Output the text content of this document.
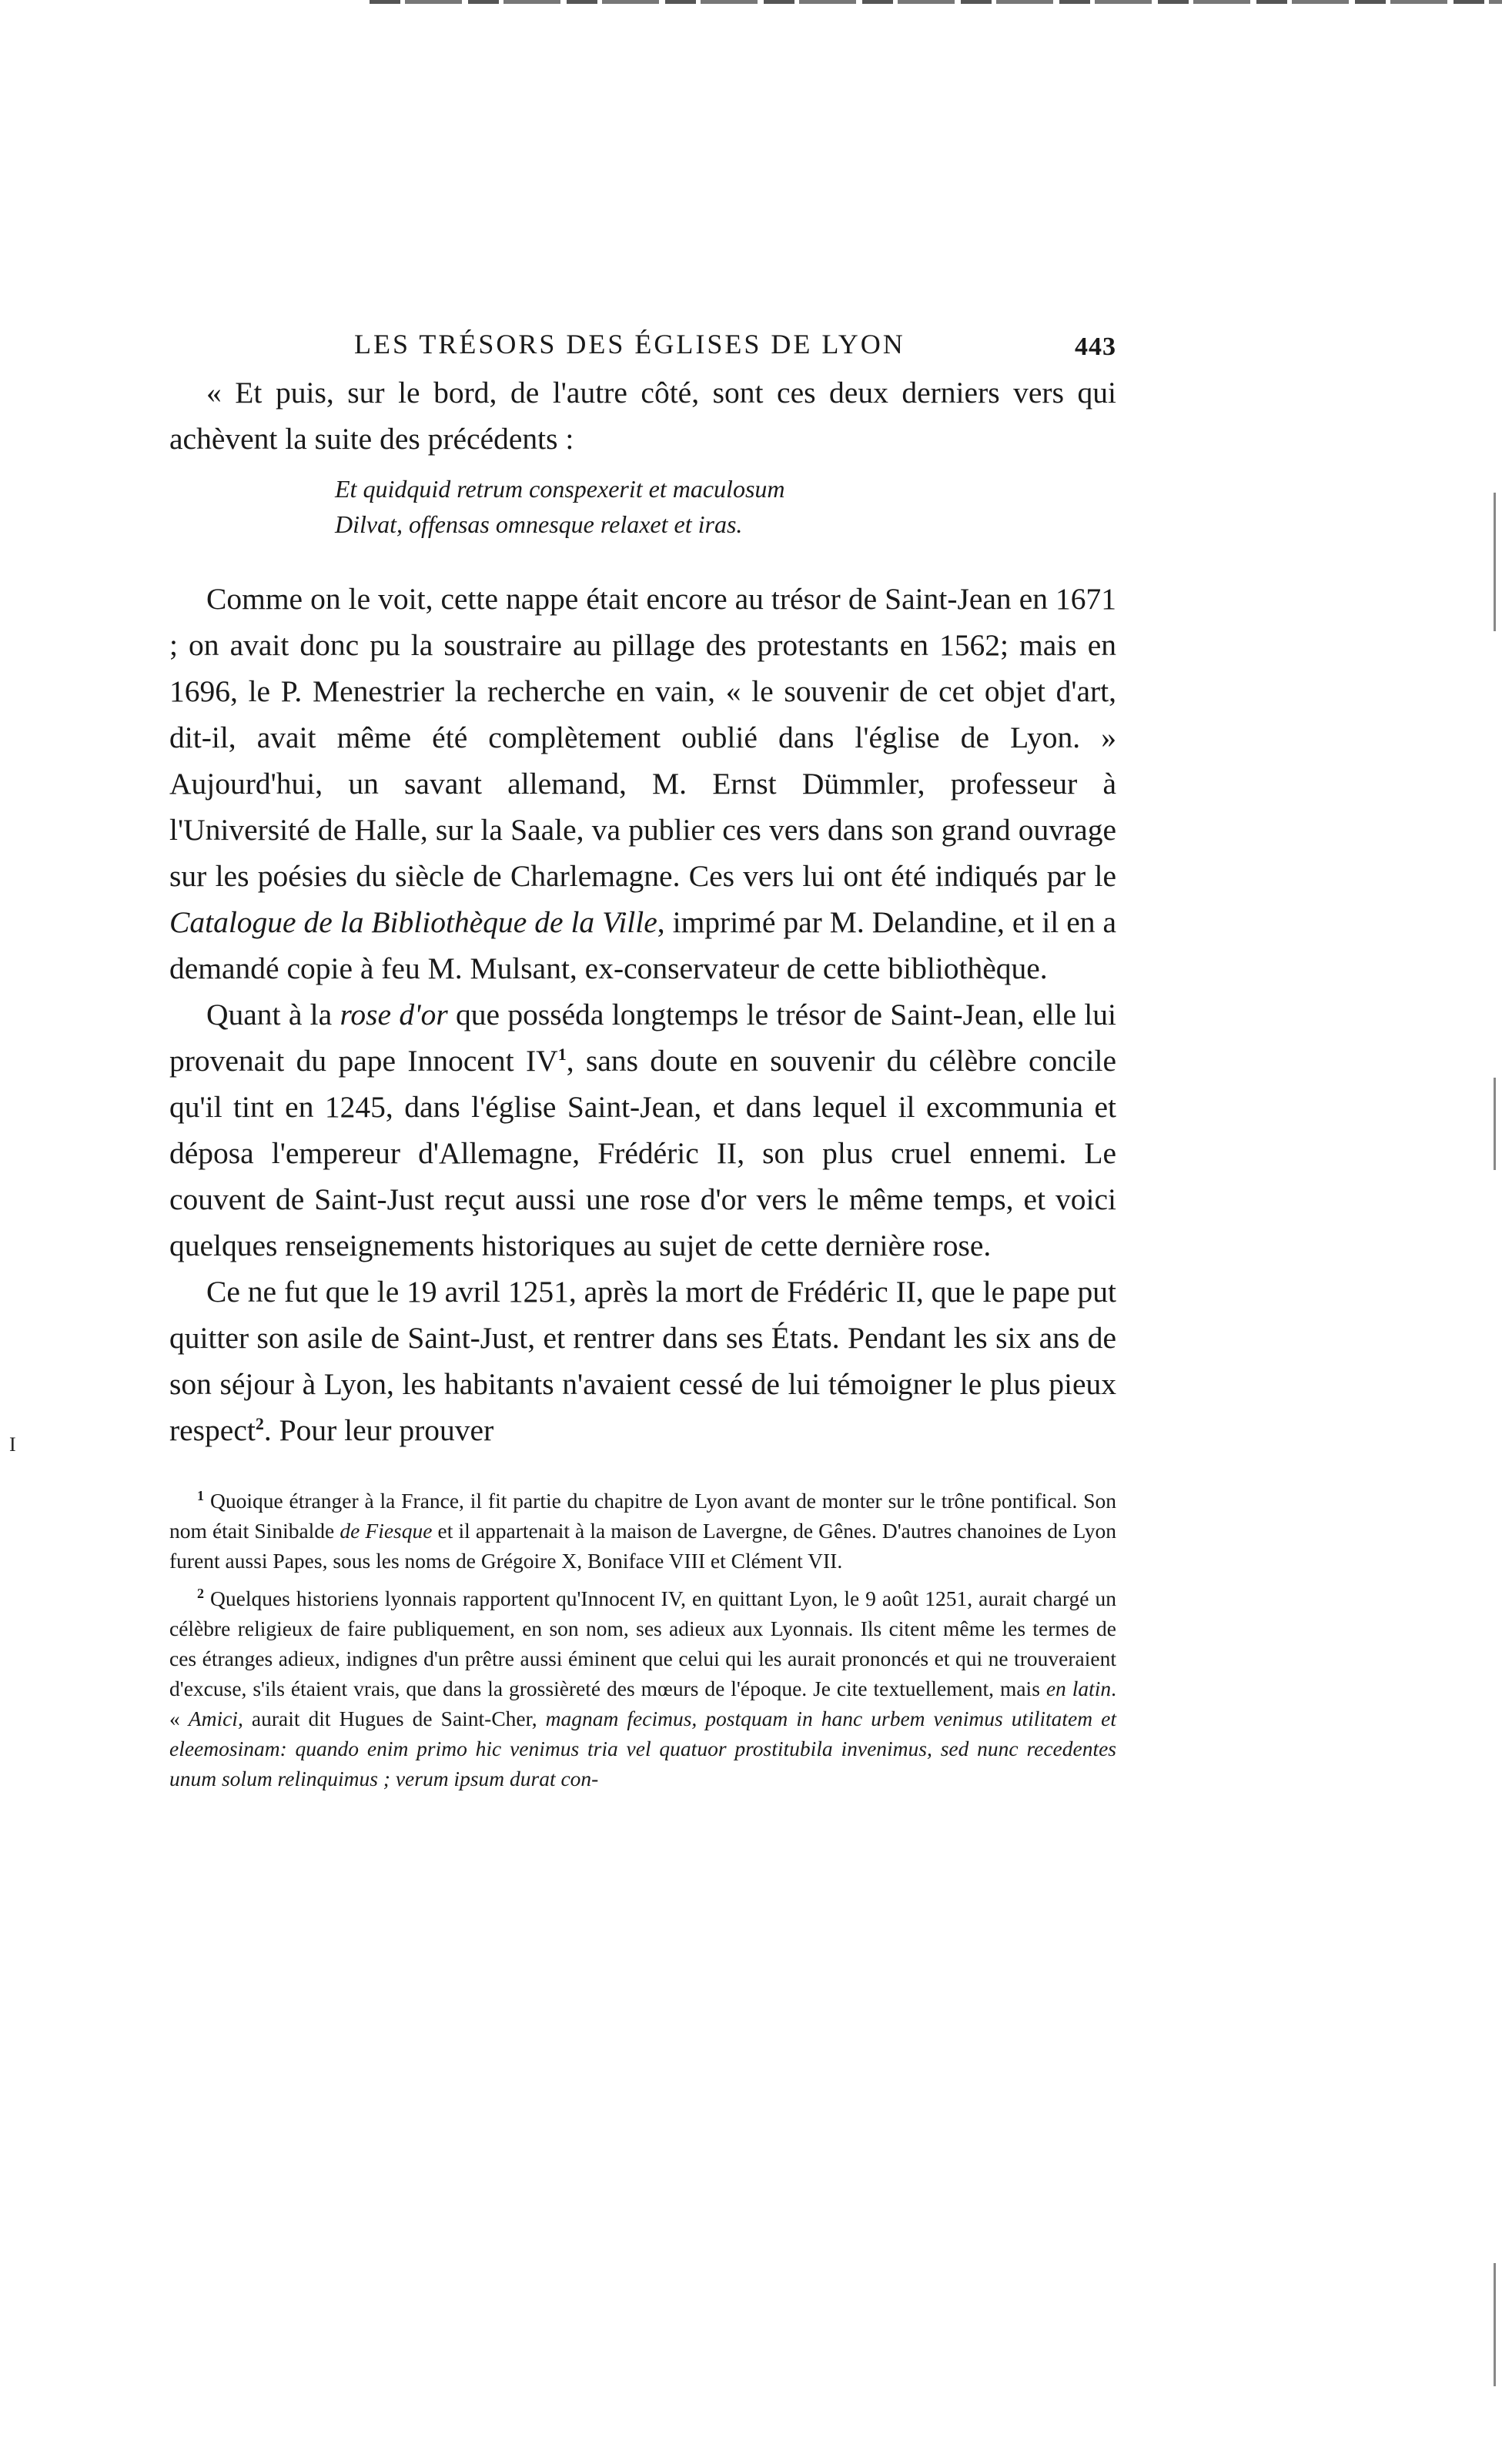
I
LES TRÉSORS DES ÉGLISES DE LYON	443

« Et puis, sur le bord, de l'autre côté, sont ces deux derniers vers qui achèvent la suite des précédents :

Et quidquid retrum conspexerit et maculosum
Dilvat, offensas omnesque relaxet et iras.

Comme on le voit, cette nappe était encore au trésor de Saint-Jean en 1671 ; on avait donc pu la soustraire au pillage des protestants en 1562; mais en 1696, le P. Menestrier la recherche en vain, « le souvenir de cet objet d'art, dit-il, avait même été complètement oublié dans l'église de Lyon. » Aujourd'hui, un savant allemand, M. Ernst Dümmler, professeur à l'Université de Halle, sur la Saale, va publier ces vers dans son grand ouvrage sur les poésies du siècle de Charlemagne. Ces vers lui ont été indiqués par le Catalogue de la Bibliothèque de la Ville, imprimé par M. Delandine, et il en a demandé copie à feu M. Mulsant, ex-conservateur de cette bibliothèque.

Quant à la rose d'or que posséda longtemps le trésor de Saint-Jean, elle lui provenait du pape Innocent IV$^1$, sans doute en souvenir du célèbre concile qu'il tint en 1245, dans l'église Saint-Jean, et dans lequel il excommunia et déposa l'empereur d'Allemagne, Frédéric II, son plus cruel ennemi. Le couvent de Saint-Just reçut aussi une rose d'or vers le même temps, et voici quelques renseignements historiques au sujet de cette dernière rose.

Ce ne fut que le 19 avril 1251, après la mort de Frédéric II, que le pape put quitter son asile de Saint-Just, et rentrer dans ses États. Pendant les six ans de son séjour à Lyon, les habitants n'avaient cessé de lui témoigner le plus pieux respect$^2$. Pour leur prouver

$^1$ Quoique étranger à la France, il fit partie du chapitre de Lyon avant de monter sur le trône pontifical. Son nom était Sinibalde de Fiesque et il appartenait à la maison de Lavergne, de Gênes. D'autres chanoines de Lyon furent aussi Papes, sous les noms de Grégoire X, Boniface VIII et Clément VII.

$^2$ Quelques historiens lyonnais rapportent qu'Innocent IV, en quittant Lyon, le 9 août 1251, aurait chargé un célèbre religieux de faire publiquement, en son nom, ses adieux aux Lyonnais. Ils citent même les termes de ces étranges adieux, indignes d'un prêtre aussi éminent que celui qui les aurait prononcés et qui ne trouveraient d'excuse, s'ils étaient vrais, que dans la grossièreté des mœurs de l'époque. Je cite textuellement, mais en latin. « Amici, aurait dit Hugues de Saint-Cher, magnam fecimus, postquam in hanc urbem venimus utilitatem et eleemosinam: quando enim primo hic venimus tria vel quatuor prostitubila invenimus, sed nunc recedentes unum solum relinquimus ; verum ipsum durat con-
